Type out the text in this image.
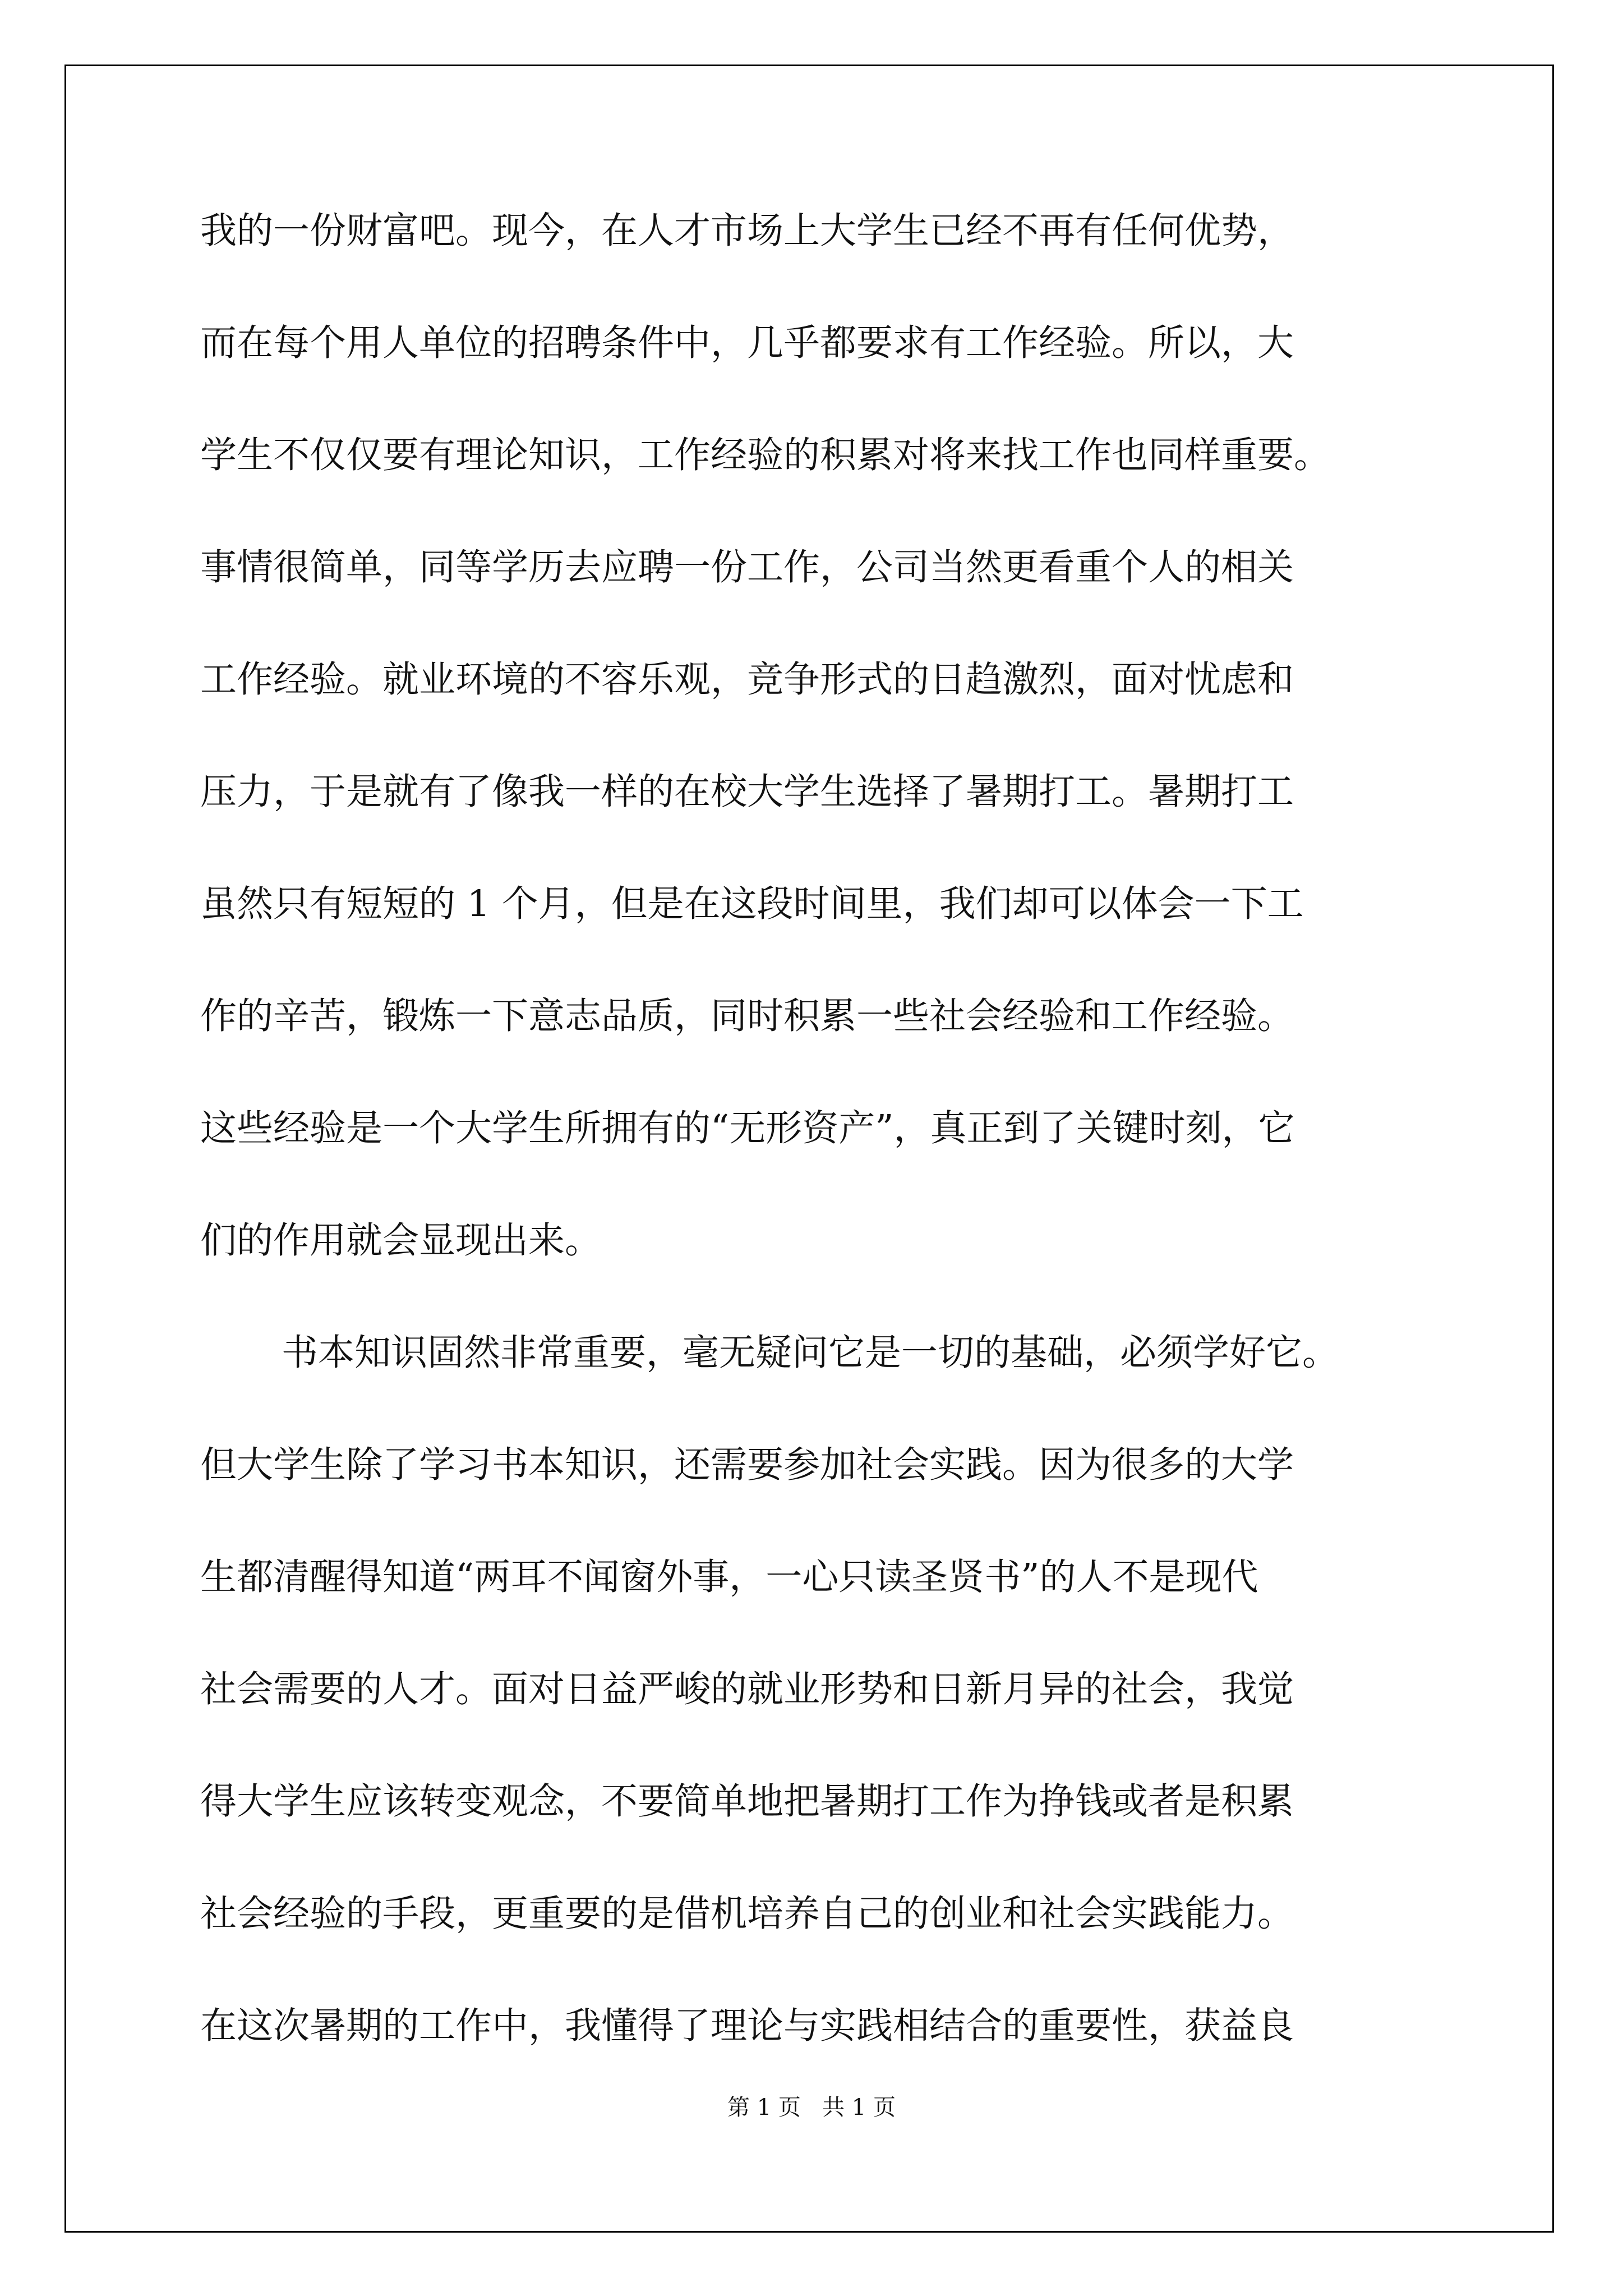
我的一份财富吧。现今，在人才市场上大学生已经不再有任何优势，
而在每个用人单位的招聘条件中，几乎都要求有工作经验。所以，大
学生不仅仅要有理论知识，工作经验的积累对将来找工作也同样重要。
事情很简单，同等学历去应聘一份工作，公司当然更看重个人的相关
工作经验。就业环境的不容乐观，竞争形式的日趋激烈，面对忧虑和
压力，于是就有了像我一样的在校大学生选择了暑期打工。暑期打工
虽然只有短短的 1 个月，但是在这段时间里，我们却可以体会一下工
作的辛苦，锻炼一下意志品质，同时积累一些社会经验和工作经验。
这些经验是一个大学生所拥有的“无形资产”，真正到了关键时刻，它
们的作用就会显现出来。
书本知识固然非常重要，毫无疑问它是一切的基础，必须学好它。
但大学生除了学习书本知识，还需要参加社会实践。因为很多的大学
生都清醒得知道“两耳不闻窗外事，一心只读圣贤书”的人不是现代
社会需要的人才。面对日益严峻的就业形势和日新月异的社会，我觉
得大学生应该转变观念，不要简单地把暑期打工作为挣钱或者是积累
社会经验的手段，更重要的是借机培养自己的创业和社会实践能力。
在这次暑期的工作中，我懂得了理论与实践相结合的重要性，获益良
第 1 页 共 1 页
